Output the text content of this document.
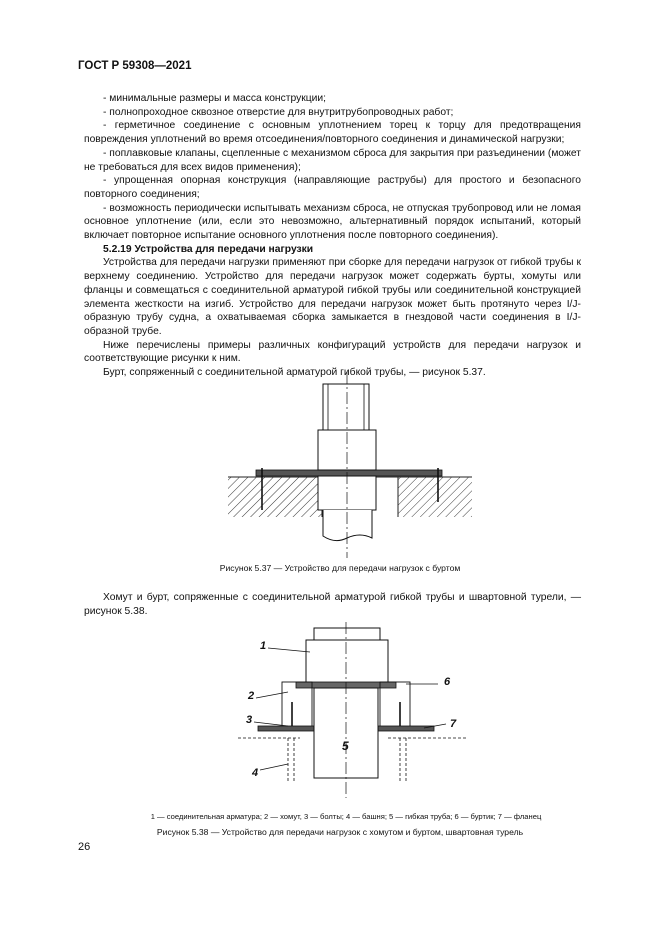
ГОСТ Р 59308—2021

- минимальные размеры и масса конструкции;

- полнопроходное сквозное отверстие для внутритрубопроводных работ;

- герметичное соединение с основным уплотнением торец к торцу для предотвращения повреждения уплотнений во время отсоединения/повторного соединения и динамической нагрузки;

- поплавковые клапаны, сцепленные с механизмом сброса для закрытия при разъединении (может не требоваться для всех видов применения);

- упрощенная опорная конструкция (направляющие раструбы) для простого и безопасного повторного соединения;

- возможность периодически испытывать механизм сброса, не отпуская трубопровод или не ломая основное уплотнение (или, если это невозможно, альтернативный порядок испытаний, который включает повторное испытание основного уплотнения после повторного соединения).

5.2.19 Устройства для передачи нагрузки

Устройства для передачи нагрузки применяют при сборке для передачи нагрузок от гибкой трубы к верхнему соединению. Устройство для передачи нагрузок может содержать бурты, хомуты или фланцы и совмещаться с соединительной арматурой гибкой трубы или соединительной конструкцией элемента жесткости на изгиб. Устройство для передачи нагрузок может быть протянуто через I/J-образную трубу судна, а охватываемая сборка замыкается в гнездовой части соединения в I/J-образной трубе.

Ниже перечислены примеры различных конфигураций устройств для передачи нагрузок и соответствующие рисунки к ним.

Бурт, сопряженный с соединительной арматурой гибкой трубы, — рисунок 5.37.

Рисунок 5.37 — Устройство для передачи нагрузок с буртом

Хомут и бурт, сопряженные с соединительной арматурой гибкой трубы и швартовной турели, — рисунок 5.38.

1
2
3
4
5
6
7
1 — соединительная арматура; 2 — хомут, 3 — болты; 4 — башня; 5 — гибкая труба; 6 — буртик; 7 — фланец
Рисунок 5.38 — Устройство для передачи нагрузок с хомутом и буртом, швартовная турель
26
